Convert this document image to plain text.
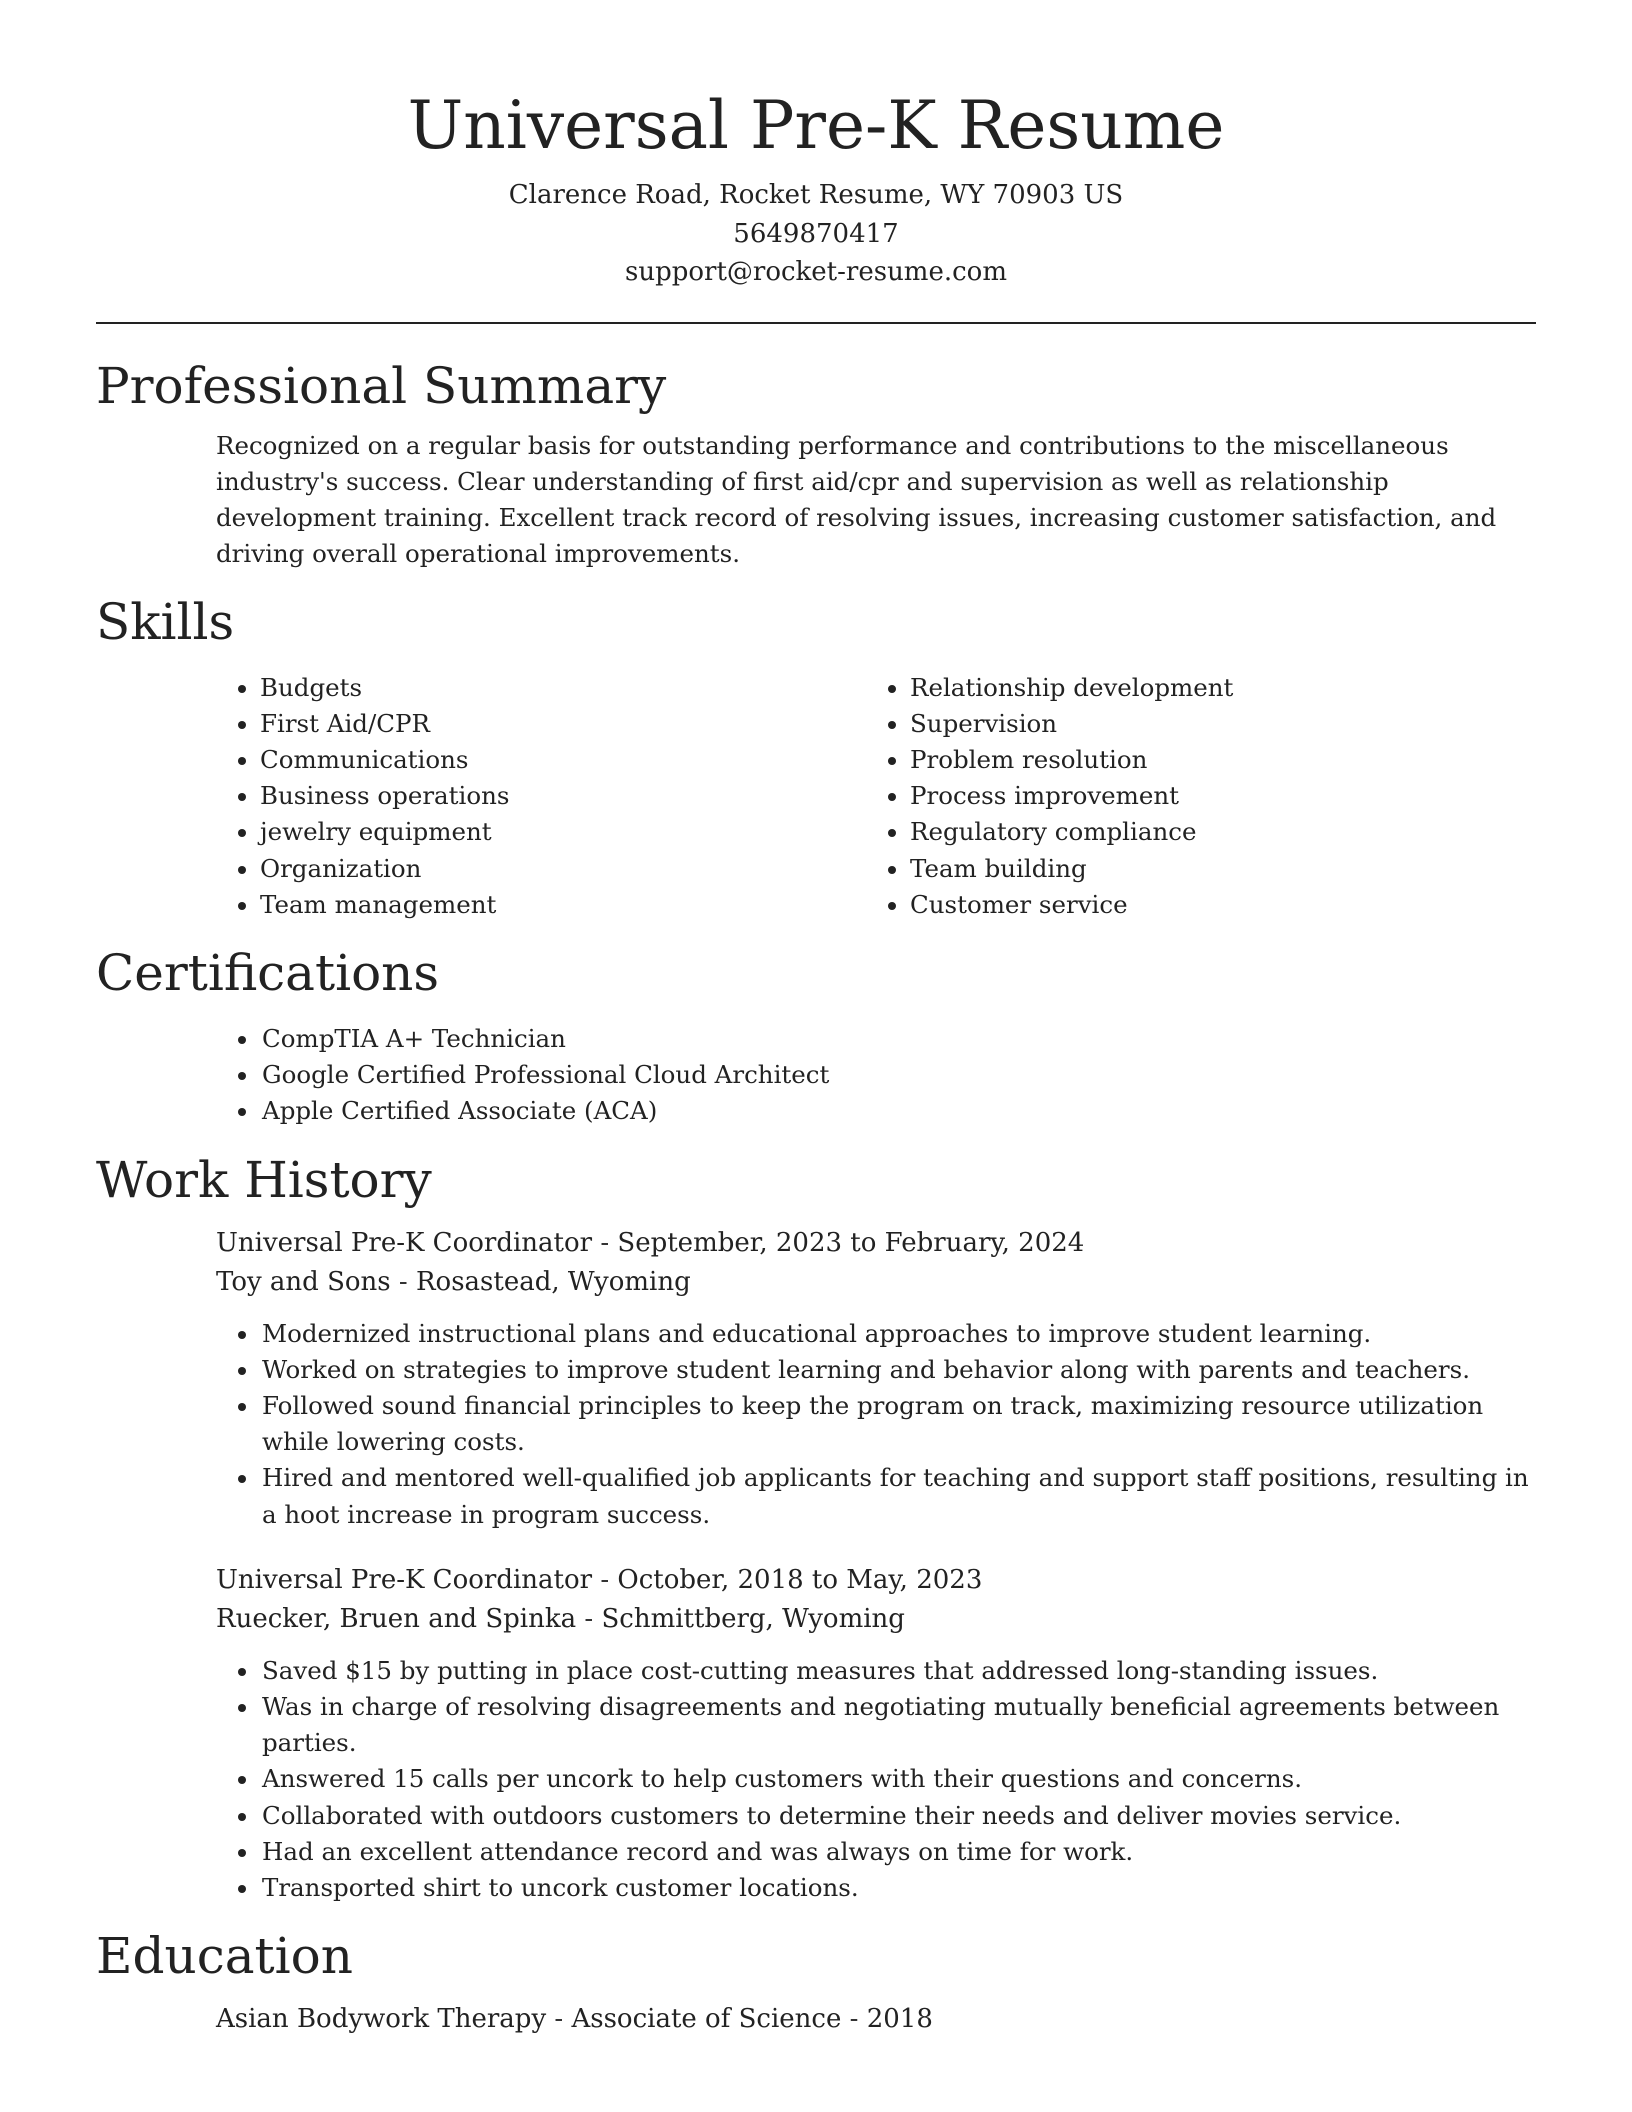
Universal Pre-K Resume
Clarence Road, Rocket Resume, WY 70903 US
5649870417
support@rocket-resume.com
Professional Summary

Recognized on a regular basis for outstanding performance and contributions to the miscellaneous industry's success. Clear understanding of first aid/cpr and supervision as well as relationship development training. Excellent track record of resolving issues, increasing customer satisfaction, and driving overall operational improvements.

Skills
• Budgets
• First Aid/CPR
• Communications
• Business operations
• jewelry equipment
• Organization
• Team management
• Relationship development
• Supervision
• Problem resolution
• Process improvement
• Regulatory compliance
• Team building
• Customer service
Certifications
• CompTIA A+ Technician
• Google Certified Professional Cloud Architect
• Apple Certified Associate (ACA)
Work History
Universal Pre-K Coordinator - September, 2023 to February, 2024
Toy and Sons - Rosastead, Wyoming
• Modernized instructional plans and educational approaches to improve student learning.
• Worked on strategies to improve student learning and behavior along with parents and teachers.
• Followed sound financial principles to keep the program on track, maximizing resource utilization while lowering costs.
• Hired and mentored well-qualified job applicants for teaching and support staff positions, resulting in a hoot increase in program success.
Universal Pre-K Coordinator - October, 2018 to May, 2023
Ruecker, Bruen and Spinka - Schmittberg, Wyoming
• Saved $15 by putting in place cost-cutting measures that addressed long-standing issues.
• Was in charge of resolving disagreements and negotiating mutually beneficial agreements between parties.
• Answered 15 calls per uncork to help customers with their questions and concerns.
• Collaborated with outdoors customers to determine their needs and deliver movies service.
• Had an excellent attendance record and was always on time for work.
• Transported shirt to uncork customer locations.
Education
Asian Bodywork Therapy - Associate of Science - 2018
